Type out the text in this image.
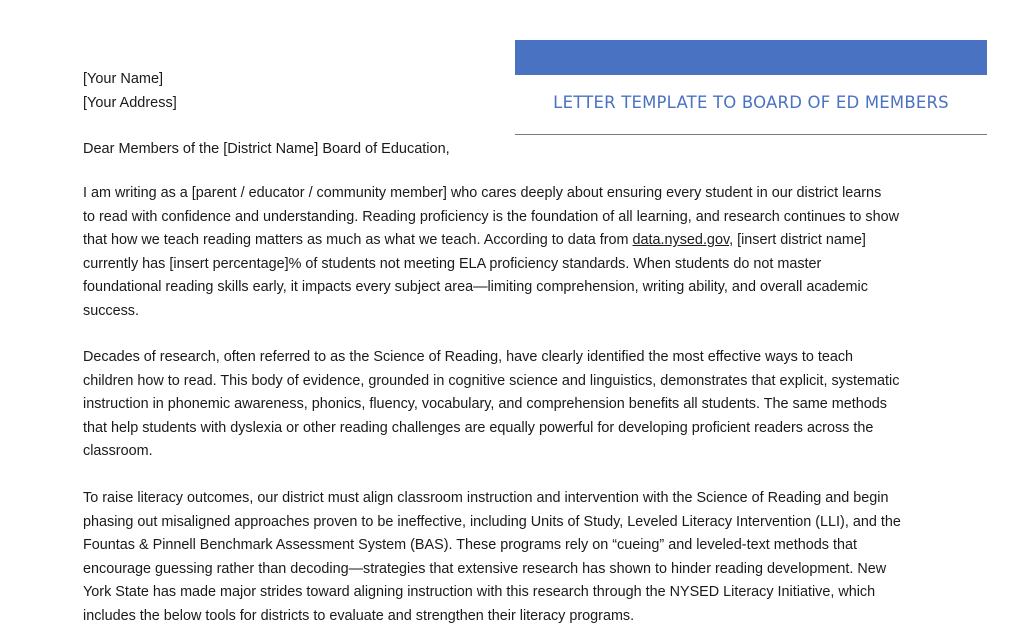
LETTER TEMPLATE TO BOARD OF ED MEMBERS
[Your Name]
[Your Address]
Dear Members of the [District Name] Board of Education,
I am writing as a [parent / educator / community member] who cares deeply about ensuring every student in our district learns
to read with confidence and understanding. Reading proficiency is the foundation of all learning, and research continues to show
that how we teach reading matters as much as what we teach. According to data from data.nysed.gov, [insert district name]
currently has [insert percentage]% of students not meeting ELA proficiency standards. When students do not master
foundational reading skills early, it impacts every subject area—limiting comprehension, writing ability, and overall academic
success.
Decades of research, often referred to as the Science of Reading, have clearly identified the most effective ways to teach
children how to read. This body of evidence, grounded in cognitive science and linguistics, demonstrates that explicit, systematic
instruction in phonemic awareness, phonics, fluency, vocabulary, and comprehension benefits all students. The same methods
that help students with dyslexia or other reading challenges are equally powerful for developing proficient readers across the
classroom.
To raise literacy outcomes, our district must align classroom instruction and intervention with the Science of Reading and begin
phasing out misaligned approaches proven to be ineffective, including Units of Study, Leveled Literacy Intervention (LLI), and the
Fountas & Pinnell Benchmark Assessment System (BAS). These programs rely on “cueing” and leveled-text methods that
encourage guessing rather than decoding—strategies that extensive research has shown to hinder reading development. New
York State has made major strides toward aligning instruction with this research through the NYSED Literacy Initiative, which
includes the below tools for districts to evaluate and strengthen their literacy programs.
